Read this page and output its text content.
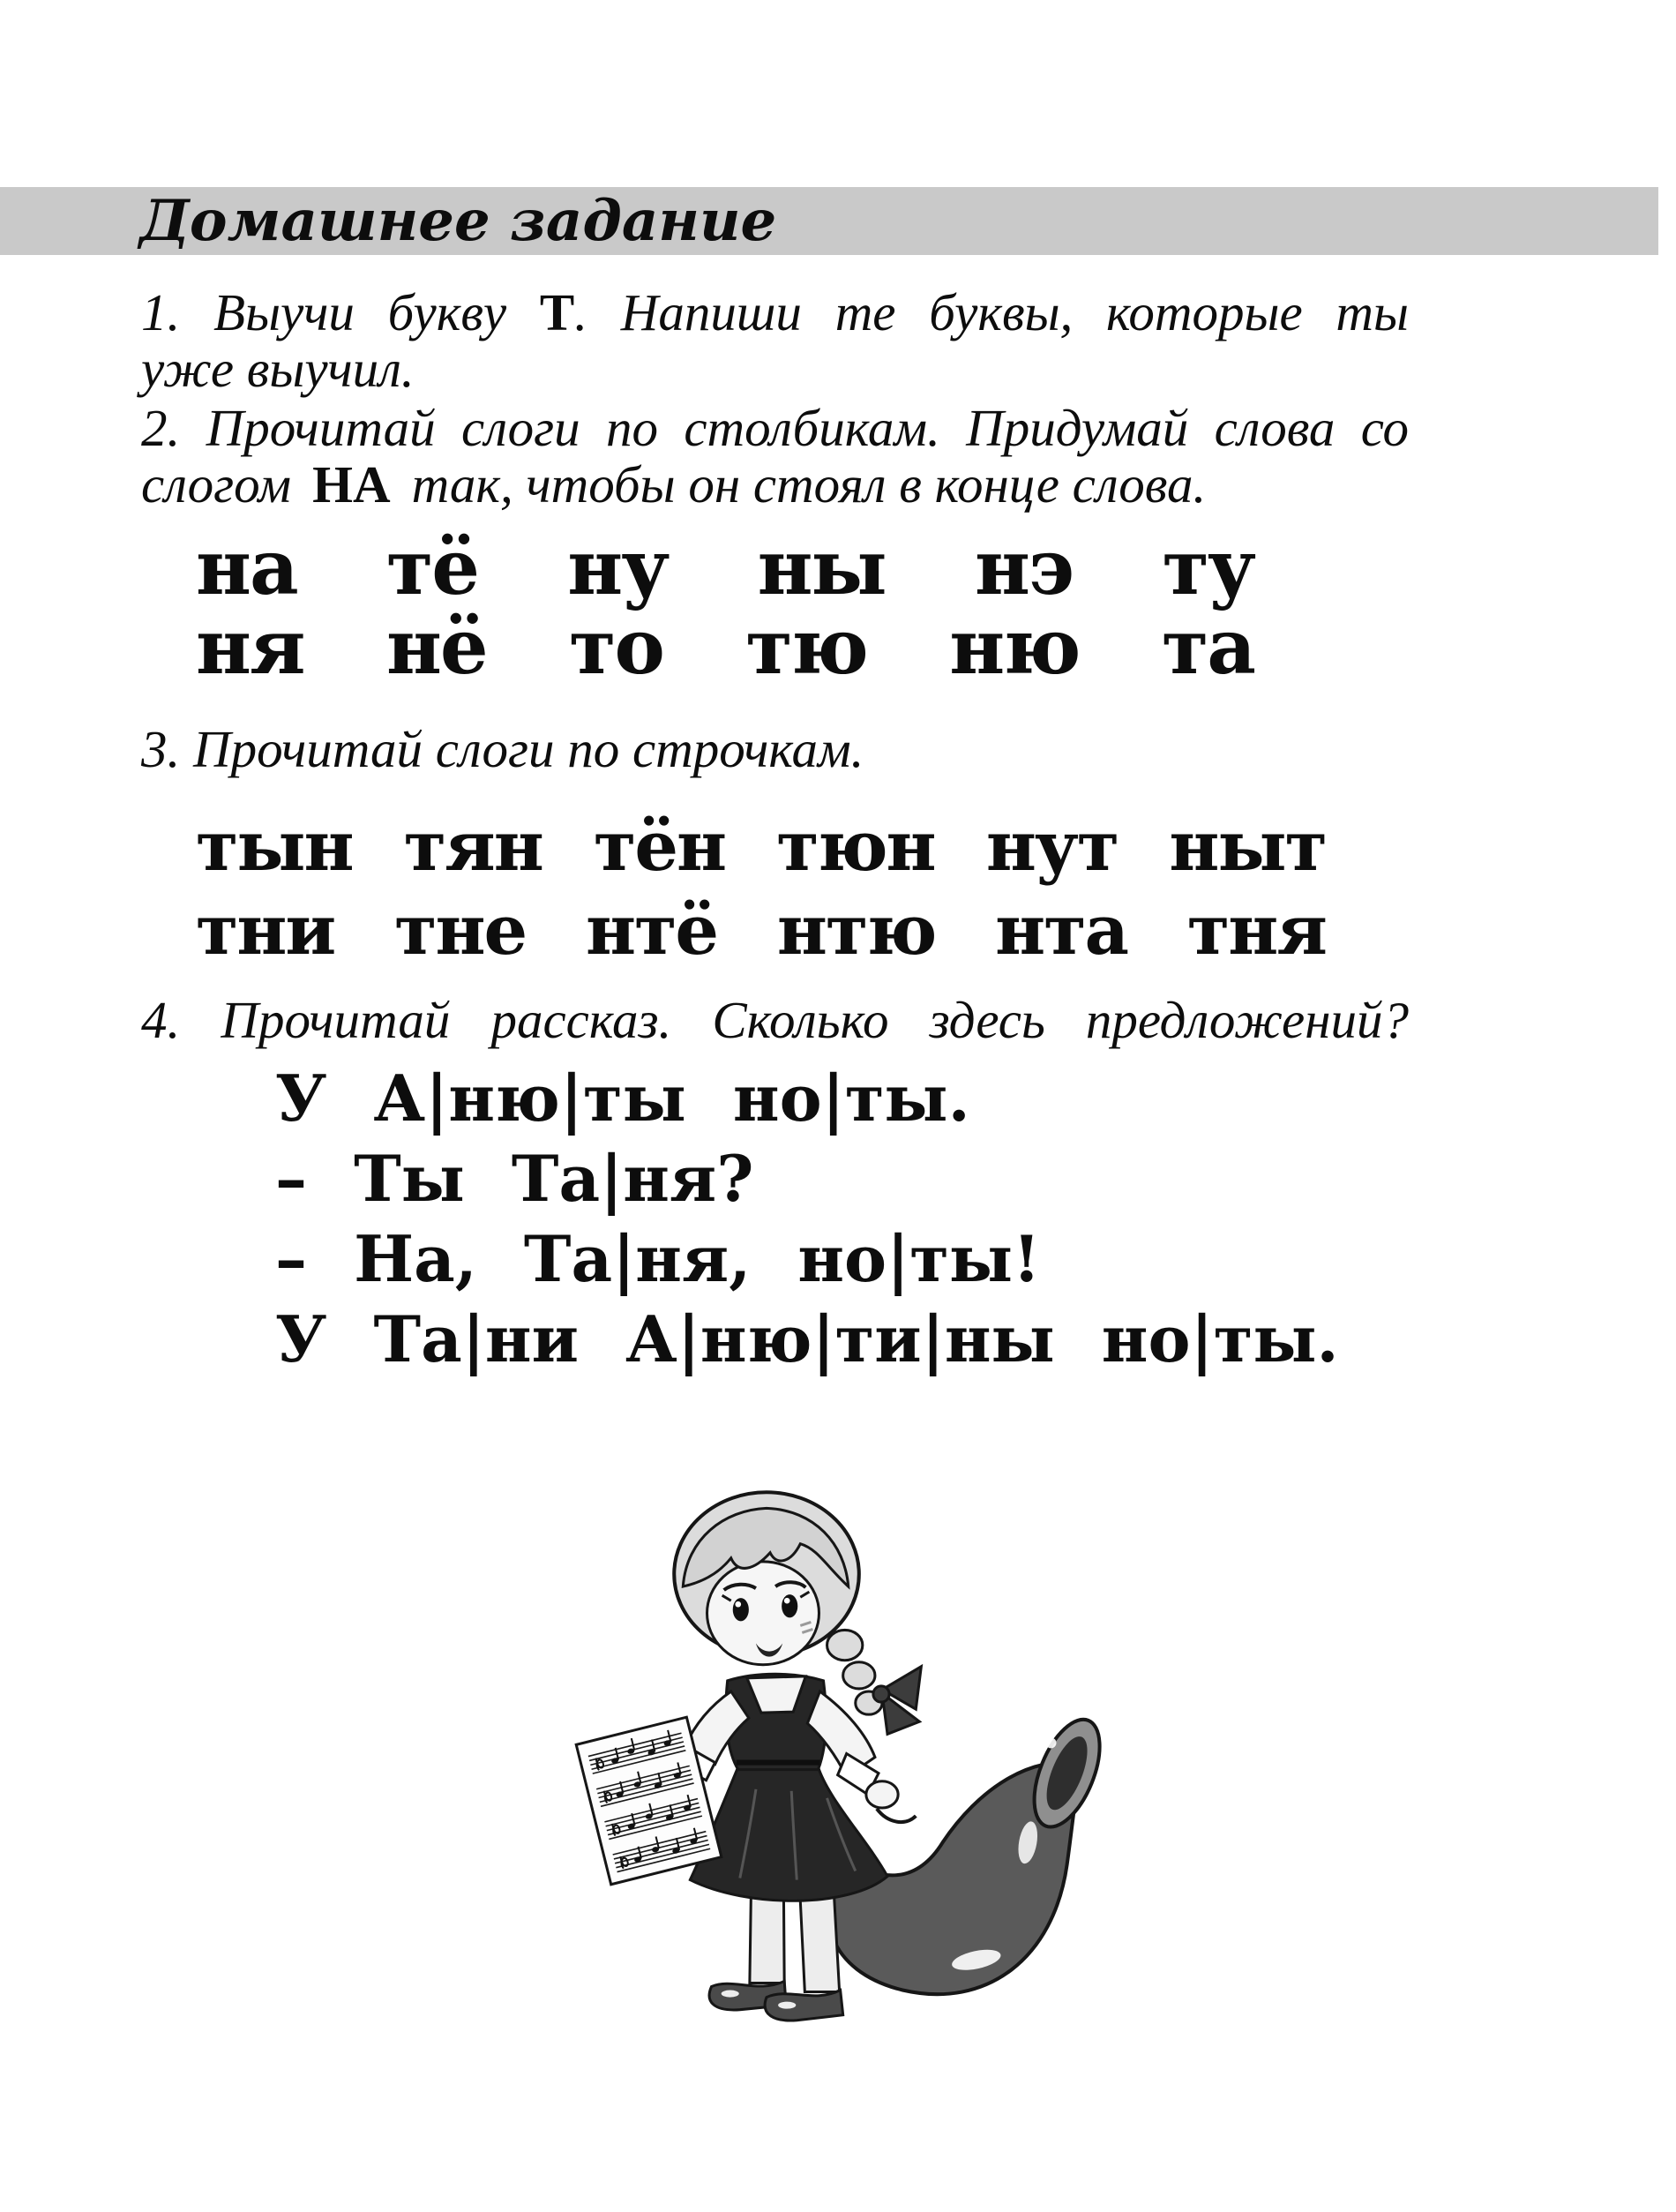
Домашнее задание
1. Выучи букву Т. Напиши те буквы, которые ты
уже выучил.
2. Прочитай слоги по столбикам. Придумай слова со
слогом НА так, чтобы он стоял в конце слова.
на тё ну ны нэ ту
ня нё то тю ню та
3. Прочитай слоги по строчкам.
тын тян тён тюн нут ныт
тни тне нтё нтю нта тня
4. Прочитай рассказ. Сколько здесь предложений?
У А|ню|ты но|ты.
– Ты Та|ня?
– На, Та|ня, но|ты!
У Та|ни А|ню|ти|ны но|ты.
